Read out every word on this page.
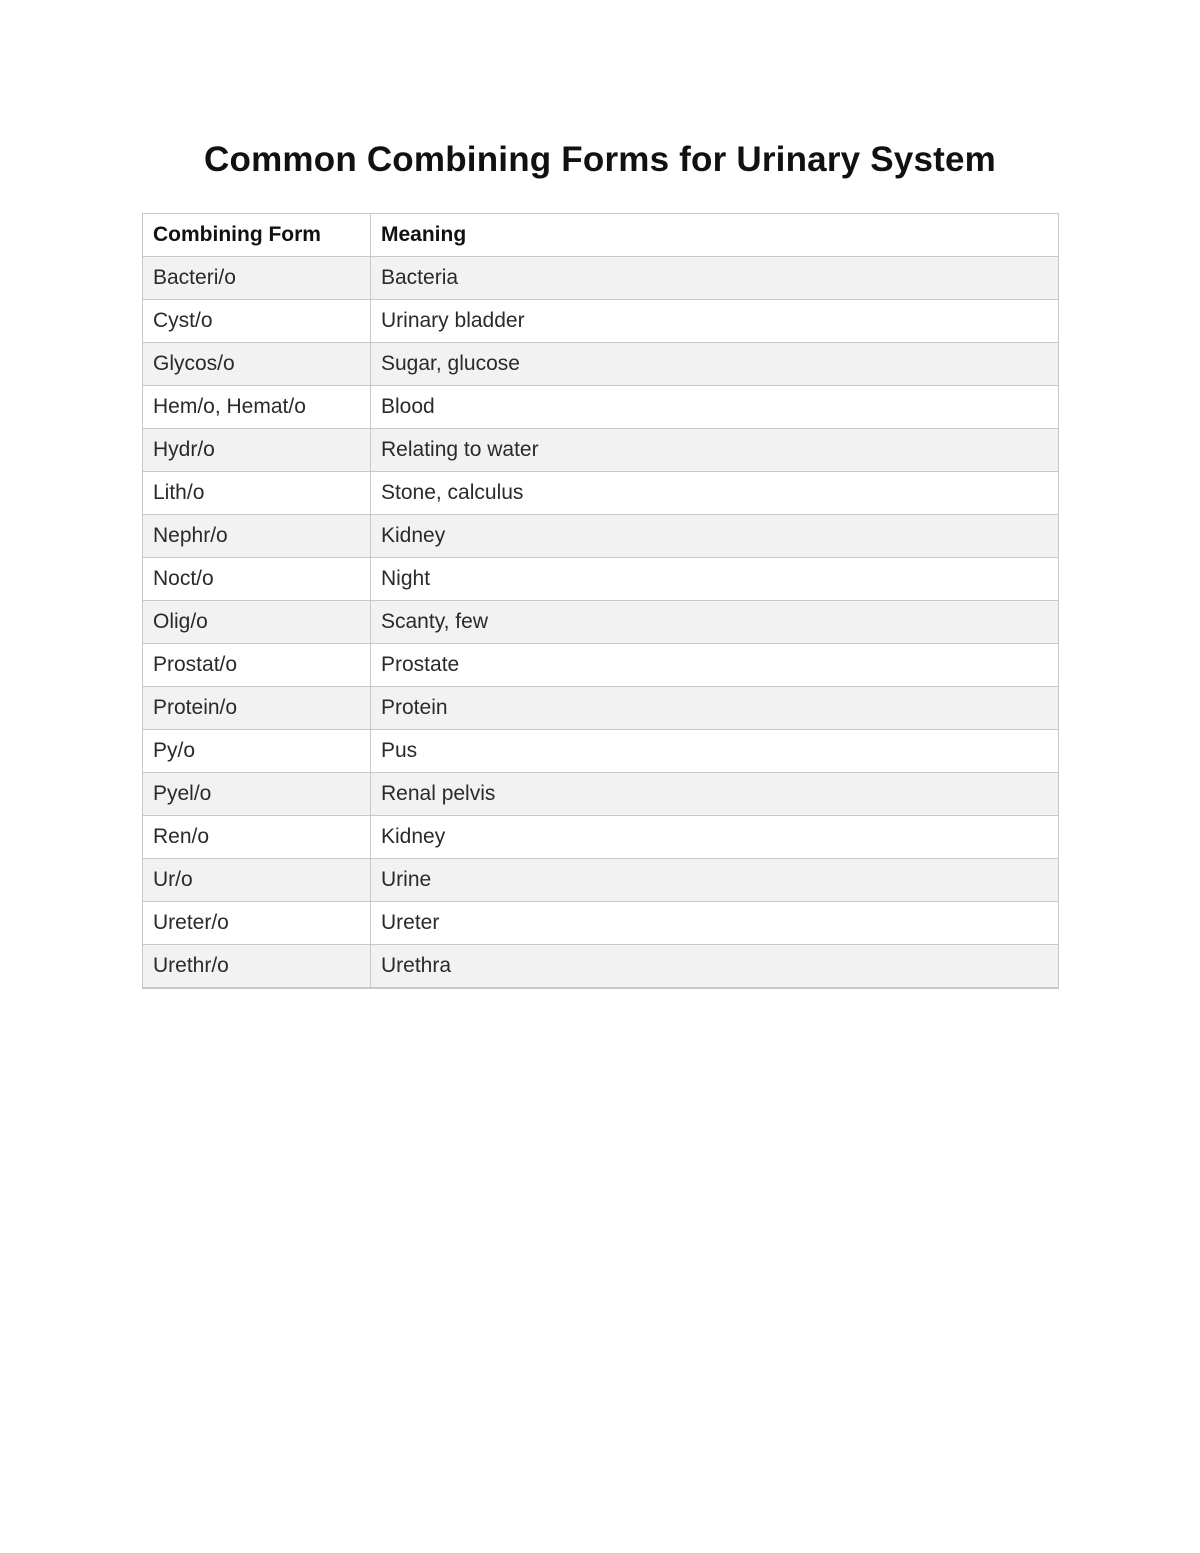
Common Combining Forms for Urinary System
Combining Form	Meaning
Bacteri/o	Bacteria
Cyst/o	Urinary bladder
Glycos/o	Sugar, glucose
Hem/o, Hemat/o	Blood
Hydr/o	Relating to water
Lith/o	Stone, calculus
Nephr/o	Kidney
Noct/o	Night
Olig/o	Scanty, few
Prostat/o	Prostate
Protein/o	Protein
Py/o	Pus
Pyel/o	Renal pelvis
Ren/o	Kidney
Ur/o	Urine
Ureter/o	Ureter
Urethr/o	Urethra
